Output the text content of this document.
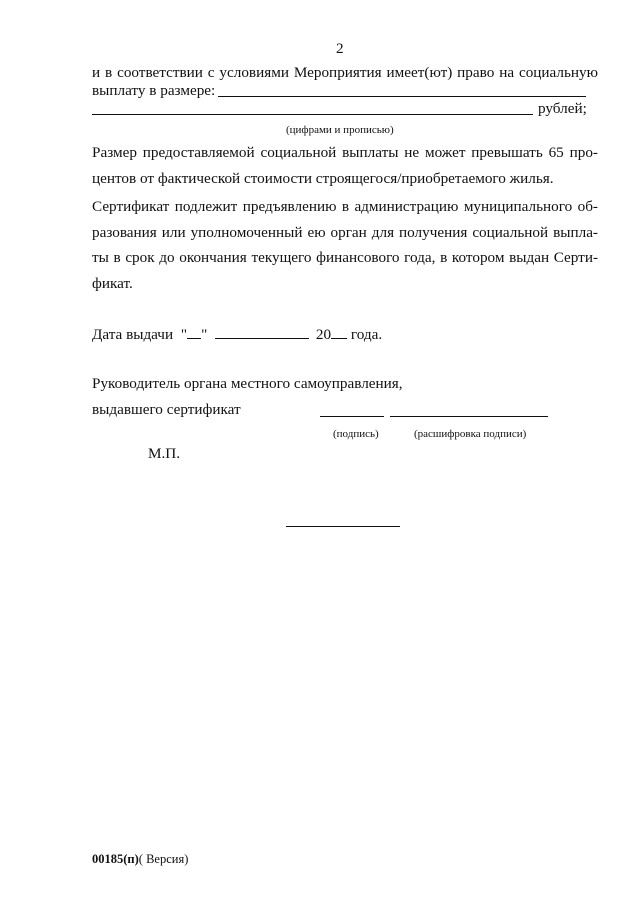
2
и в соответствии с условиями Мероприятия имеет(ют) право на социальную
выплату в размере:
рублей;
(цифрами и прописью)
Размер предоставляемой социальной выплаты не может превышать 65 про-
центов от фактической стоимости строящегося/приобретаемого жилья.
Сертификат подлежит предъявлению в администрацию муниципального об-
разования или уполномоченный ею орган для получения социальной выпла-
ты в срок до окончания текущего финансового года, в котором выдан Серти-
фикат.
Дата выдачи " "	20 года.
Руководитель органа местного самоуправления,
выдавшего сертификат
(подпись)	(расшифровка подписи)
М.П.
00185(п)( Версия)
